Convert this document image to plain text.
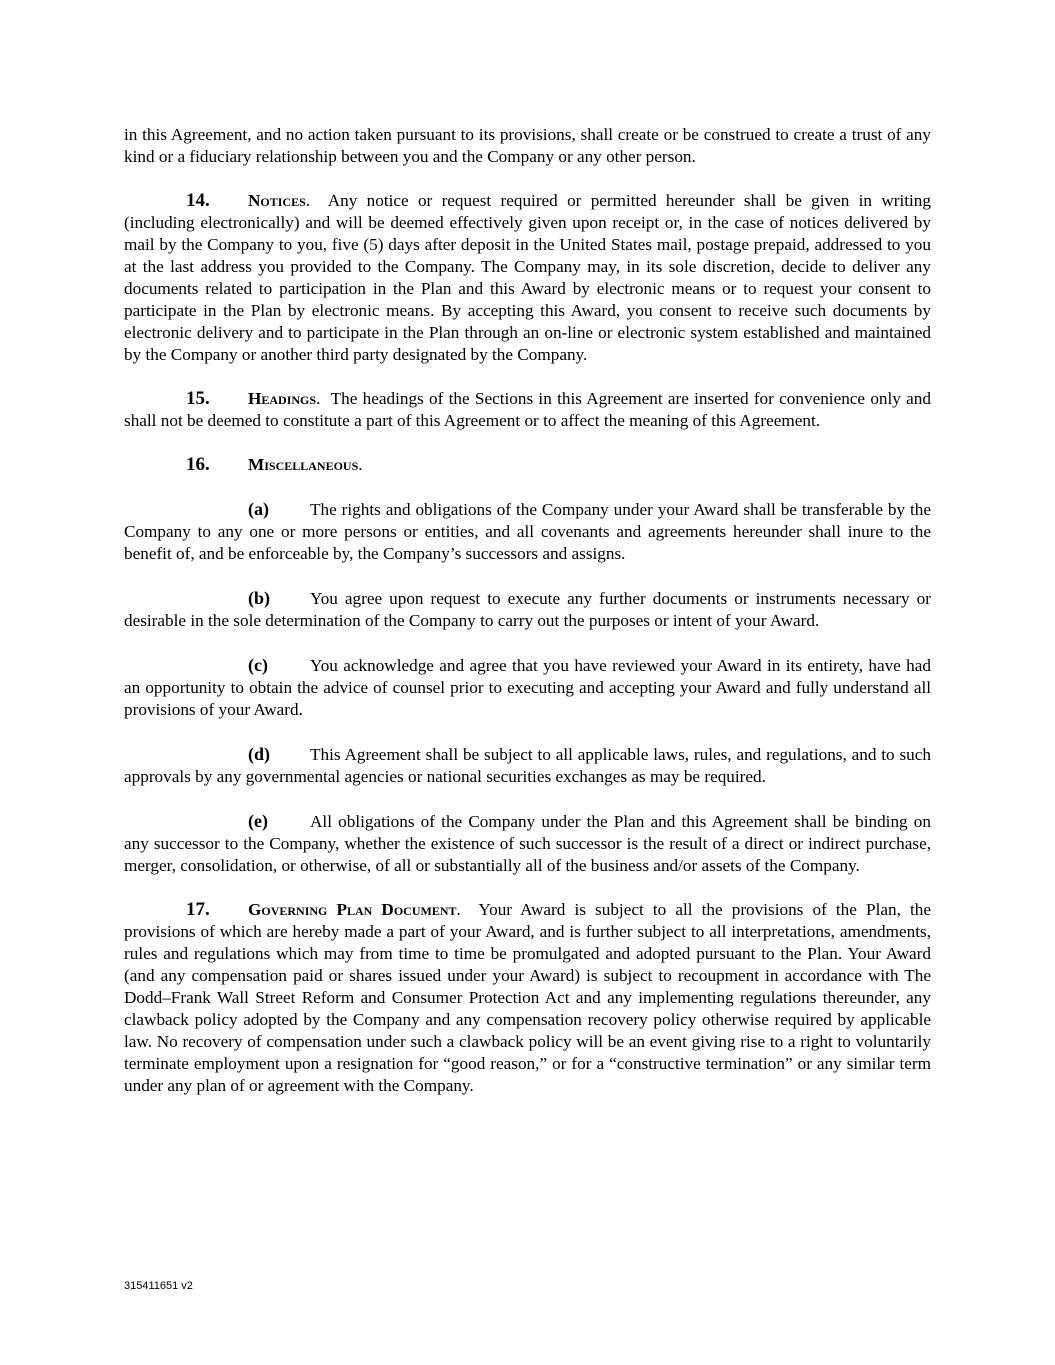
in this Agreement, and no action taken pursuant to its provisions, shall create or be construed to create a trust of any kind or a fiduciary relationship between you and the Company or any other person.

14. Notices.  Any notice or request required or permitted hereunder shall be given in writing (including electronically) and will be deemed effectively given upon receipt or, in the case of notices delivered by mail by the Company to you, five (5) days after deposit in the United States mail, postage prepaid, addressed to you at the last address you provided to the Company. The Company may, in its sole discretion, decide to deliver any documents related to participation in the Plan and this Award by electronic means or to request your consent to participate in the Plan by electronic means. By accepting this Award, you consent to receive such documents by electronic delivery and to participate in the Plan through an on-line or electronic system established and maintained by the Company or another third party designated by the Company.

15. Headings.  The headings of the Sections in this Agreement are inserted for convenience only and shall not be deemed to constitute a part of this Agreement or to affect the meaning of this Agreement.

16. Miscellaneous.

(a) The rights and obligations of the Company under your Award shall be transferable by the Company to any one or more persons or entities, and all covenants and agreements hereunder shall inure to the benefit of, and be enforceable by, the Company’s successors and assigns.

(b) You agree upon request to execute any further documents or instruments necessary or desirable in the sole determination of the Company to carry out the purposes or intent of your Award.

(c) You acknowledge and agree that you have reviewed your Award in its entirety, have had an opportunity to obtain the advice of counsel prior to executing and accepting your Award and fully understand all provisions of your Award.

(d) This Agreement shall be subject to all applicable laws, rules, and regulations, and to such approvals by any governmental agencies or national securities exchanges as may be required.

(e) All obligations of the Company under the Plan and this Agreement shall be binding on any successor to the Company, whether the existence of such successor is the result of a direct or indirect purchase, merger, consolidation, or otherwise, of all or substantially all of the business and/or assets of the Company.

17. Governing Plan Document.  Your Award is subject to all the provisions of the Plan, the provisions of which are hereby made a part of your Award, and is further subject to all interpretations, amendments, rules and regulations which may from time to time be promulgated and adopted pursuant to the Plan. Your Award (and any compensation paid or shares issued under your Award) is subject to recoupment in accordance with The Dodd–Frank Wall Street Reform and Consumer Protection Act and any implementing regulations thereunder, any clawback policy adopted by the Company and any compensation recovery policy otherwise required by applicable law. No recovery of compensation under such a clawback policy will be an event giving rise to a right to voluntarily terminate employment upon a resignation for “good reason,” or for a “constructive termination” or any similar term under any plan of or agreement with the Company.

315411651 v2
